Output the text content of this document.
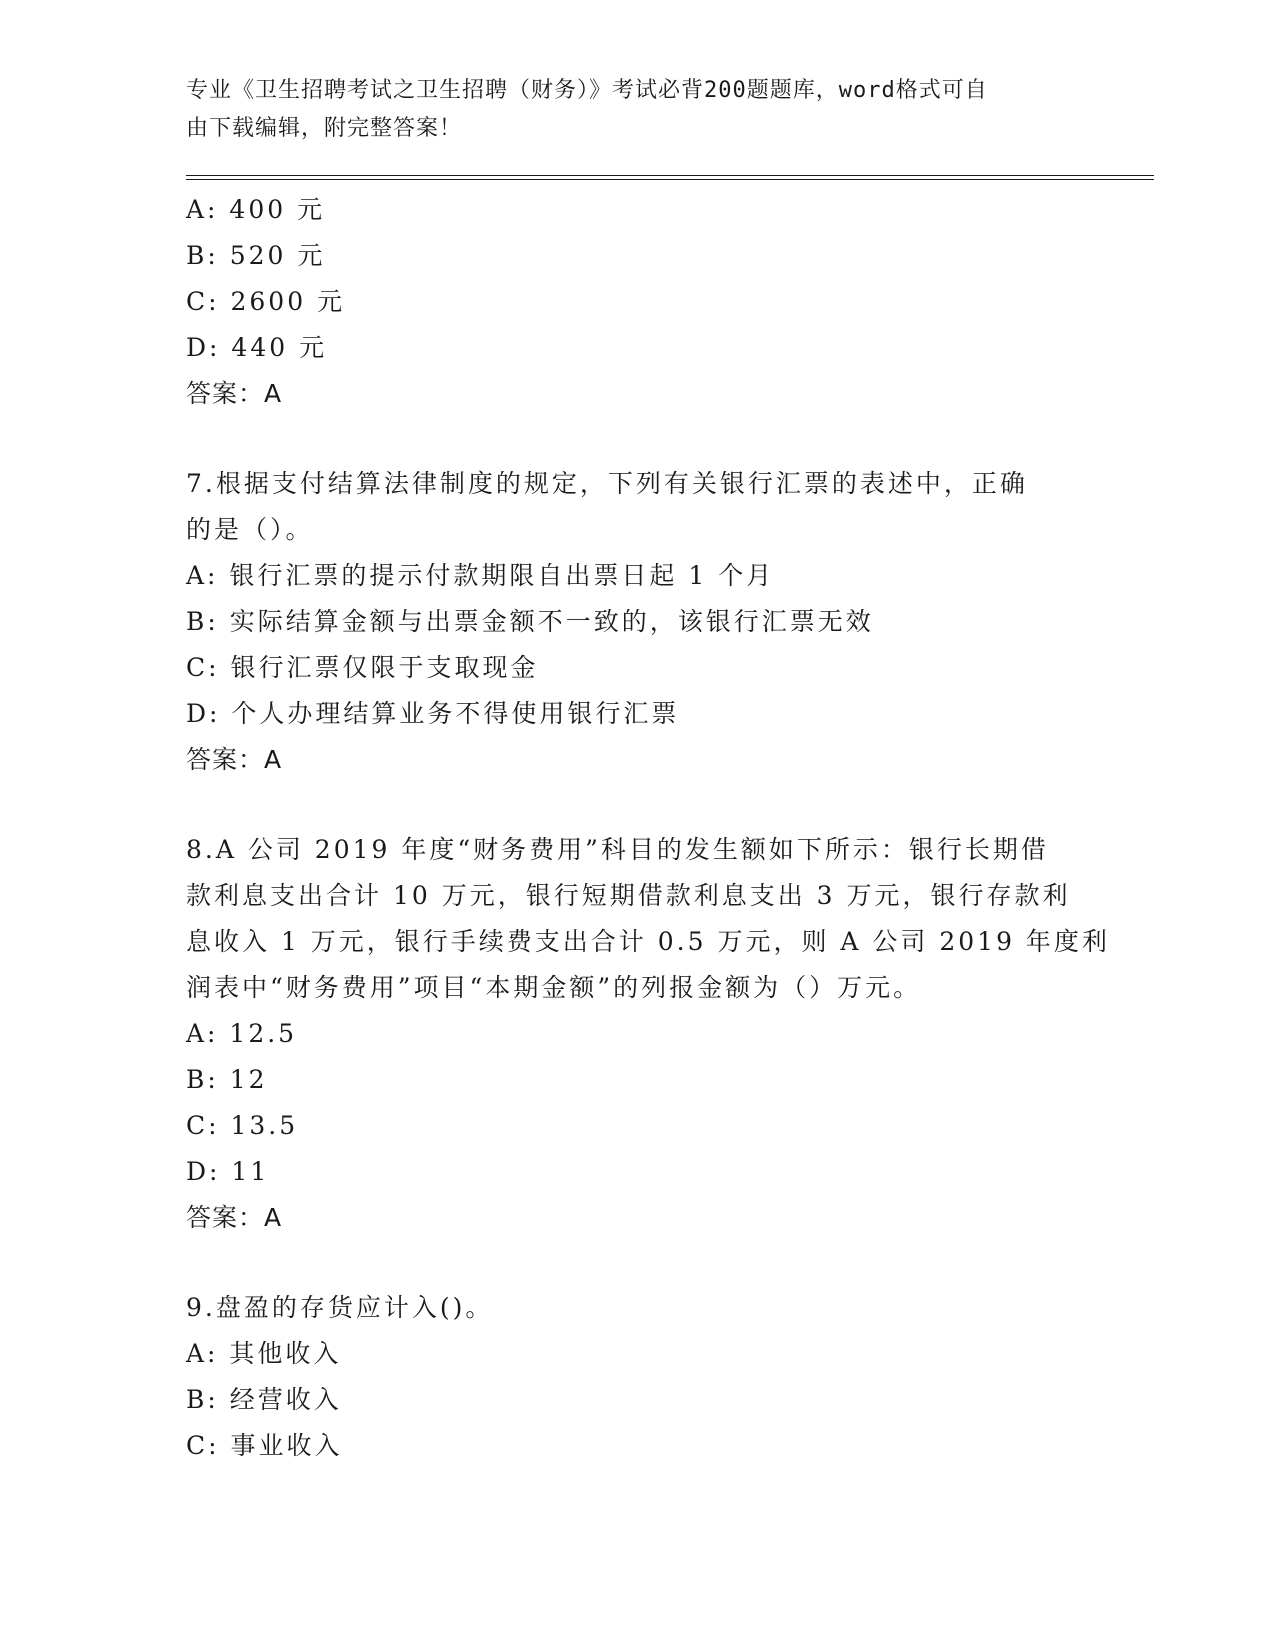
专业《卫生招聘考试之卫生招聘（财务）》考试必背200题题库，word格式可自
由下载编辑，附完整答案！
A: 400 元
B: 520 元
C: 2600 元
D: 440 元
答案：A
7.根据支付结算法律制度的规定，下列有关银行汇票的表述中，正确
的是（）。
A: 银行汇票的提示付款期限自出票日起 1 个月
B: 实际结算金额与出票金额不一致的，该银行汇票无效
C: 银行汇票仅限于支取现金
D: 个人办理结算业务不得使用银行汇票
答案：A
8.A 公司 2019 年度“财务费用”科目的发生额如下所示：银行长期借
款利息支出合计 10 万元，银行短期借款利息支出 3 万元，银行存款利
息收入 1 万元，银行手续费支出合计 0.5 万元，则 A 公司 2019 年度利
润表中“财务费用”项目“本期金额”的列报金额为（）万元。
A: 12.5
B: 12
C: 13.5
D: 11
答案：A
9.盘盈的存货应计入()。
A: 其他收入
B: 经营收入
C: 事业收入
